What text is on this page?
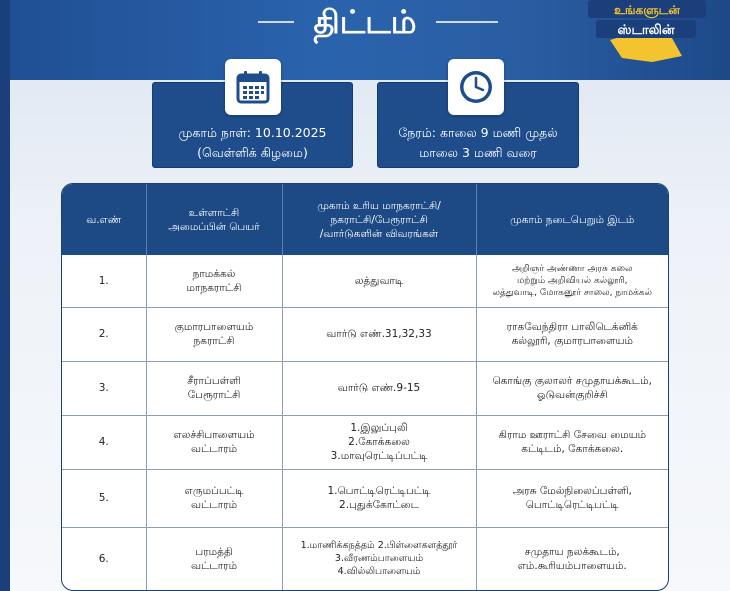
திட்டம்	உங்களுடன்
ஸ்டாலின்
முகாம் நாள்: 10.10.2025
(வெள்ளிக் கிழமை)
நேரம்: காலை 9 மணி முதல்
மாலை 3 மணி வரை
வ.எண்	உள்ளாட்சி
அமைப்பின் பெயர்	முகாம் உரிய மாநகராட்சி/
நகராட்சி/பேரூராட்சி
/வார்டுகளின் விவரங்கள்	முகாம் நடைபெறும் இடம்

1.	நாமக்கல்
மாநகராட்சி	லத்துவாடி	அறிஞர் அண்ணா அரசு கலை
மற்றும் அறிவியல் கல்லூரி,
லத்துவாடி, மோகனூர் சாலை, நாமக்கல்

2.	குமாரபாளையம்
நகராட்சி	வார்டு எண்.31,32,33	ராகவேந்திரா பாலிடெக்னிக்
கல்லூரி, குமாரபாளையம்

3.	சீராப்பள்ளி
பேரூராட்சி	வார்டு எண்.9-15	கொங்கு குலாலர் சமுதாயக்கூடம்,
ஓடுவன்குறிச்சி

4.	எலச்சிபாளையம்
வட்டாரம்	1.இலுப்புலி
2.கோக்கலை
3.மாவுரெட்டிப்பட்டி	கிராம ஊராட்சி சேவை மையம்
கட்டிடம், கோக்கலை.

5.	எருமப்பட்டி
வட்டாரம்	1.பொட்டிரெட்டிபட்டி
2.புதுக்கோட்டை	அரசு மேல்நிலைப்பள்ளி,
பொட்டிரெட்டிபட்டி

6.	பரமத்தி
வட்டாரம்	1.மாணிக்கநத்தம் 2.பிள்ளைகளத்தூர்
3.வீரணம்பாளையம்
4.வில்லிபாளையம்	சமுதாய நலக்கூடம்,
எம்.கூரியம்பாளையம்.
